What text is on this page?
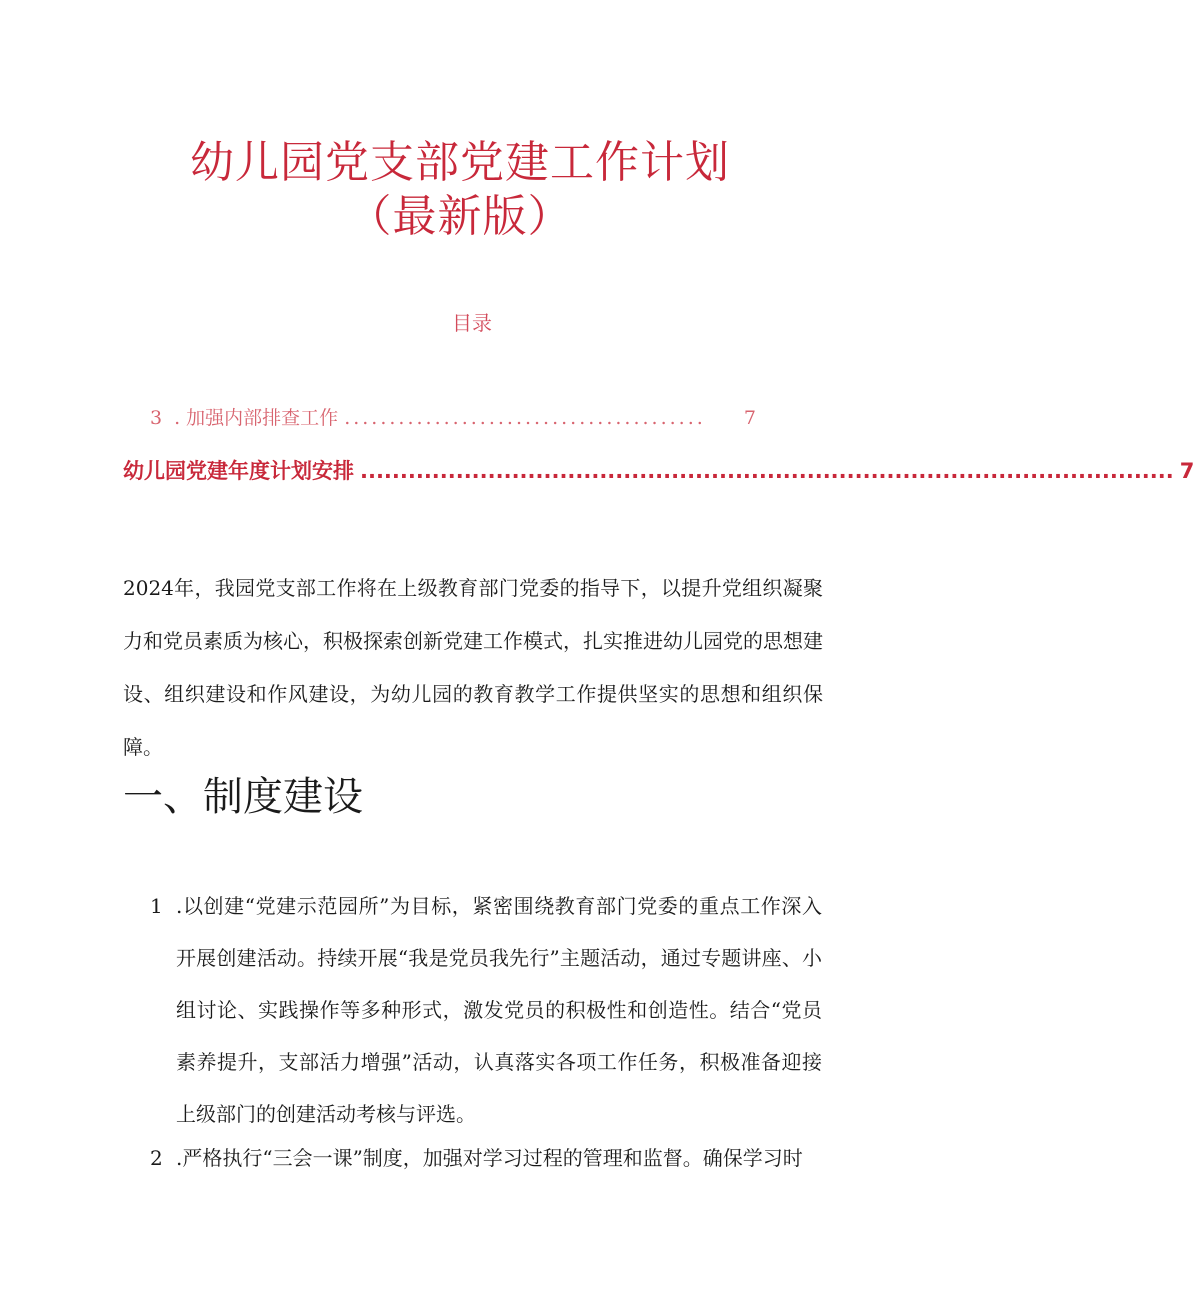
幼儿园党支部党建工作计划
（最新版）
目录
3 . 加强内部排查工作 ........................................	7
幼儿园党建年度计划安排 ...................................................................................................... 7
2024年，我园党支部工作将在上级教育部门党委的指导下，以提升党组织凝聚力和党员素质为核心，积极探索创新党建工作模式，扎实推进幼儿园党的思想建设、组织建设和作风建设，为幼儿园的教育教学工作提供坚实的思想和组织保障。
一、制度建设
1 .以创建“党建示范园所”为目标，紧密围绕教育部门党委的重点工作深入开展创建活动。持续开展“我是党员我先行”主题活动，通过专题讲座、小组讨论、实践操作等多种形式，激发党员的积极性和创造性。结合“党员素养提升，支部活力增强”活动，认真落实各项工作任务，积极准备迎接上级部门的创建活动考核与评选。
2 .严格执行“三会一课”制度，加强对学习过程的管理和监督。确保学习时
